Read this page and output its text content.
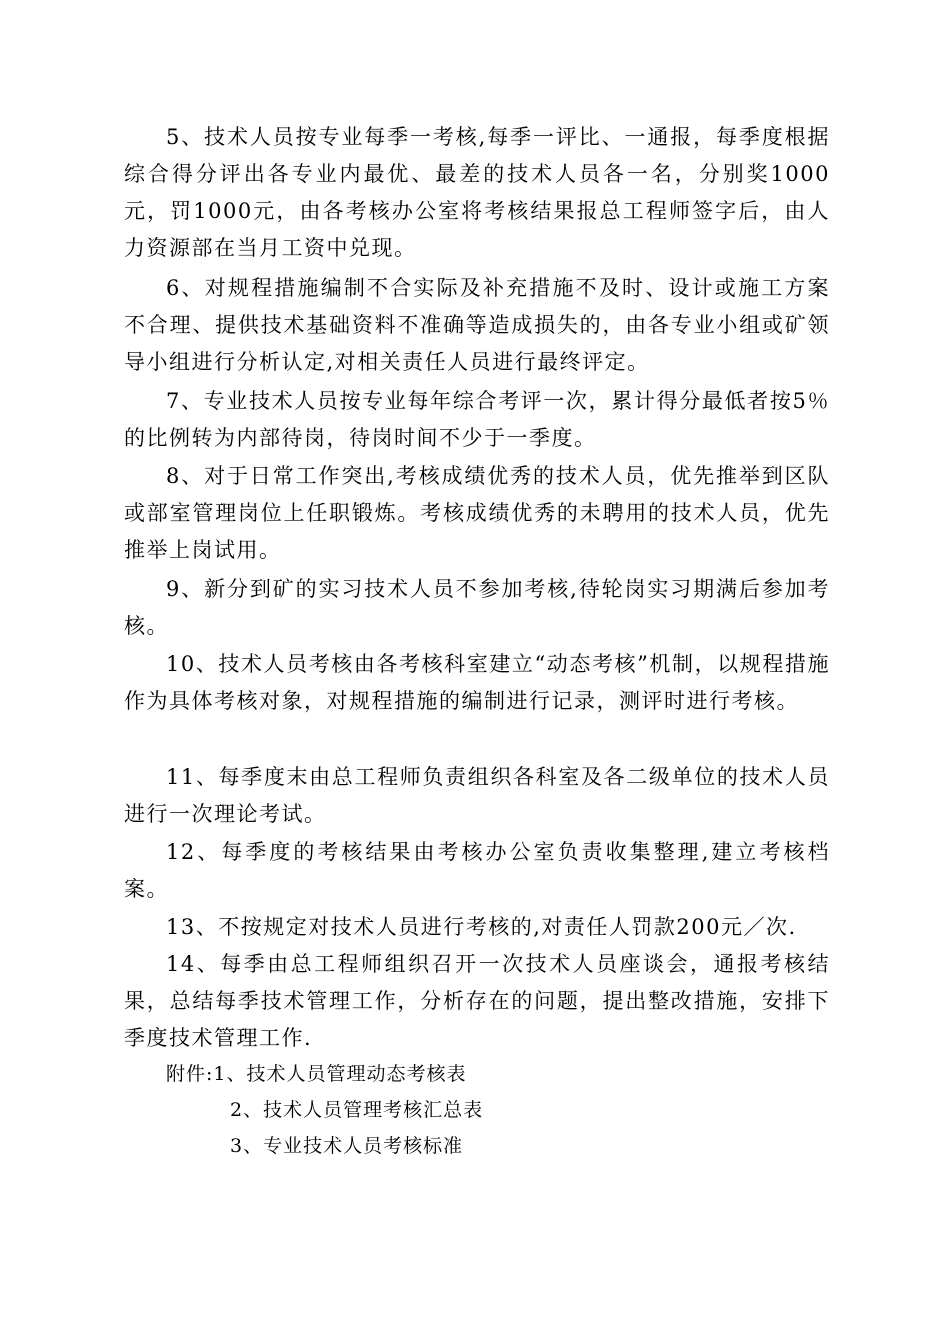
5、技术人员按专业每季一考核,每季一评比、一通报，每季度根据综合得分评出各专业内最优、最差的技术人员各一名，分别奖1000元，罚1000元，由各考核办公室将考核结果报总工程师签字后，由人力资源部在当月工资中兑现。

6、对规程措施编制不合实际及补充措施不及时、设计或施工方案不合理、提供技术基础资料不准确等造成损失的，由各专业小组或矿领导小组进行分析认定,对相关责任人员进行最终评定。

7、专业技术人员按专业每年综合考评一次，累计得分最低者按5％的比例转为内部待岗，待岗时间不少于一季度。

8、对于日常工作突出,考核成绩优秀的技术人员，优先推举到区队或部室管理岗位上任职锻炼。考核成绩优秀的未聘用的技术人员，优先推举上岗试用。

9、新分到矿的实习技术人员不参加考核,待轮岗实习期满后参加考核。

10、技术人员考核由各考核科室建立“动态考核”机制，以规程措施作为具体考核对象，对规程措施的编制进行记录，测评时进行考核。

11、每季度末由总工程师负责组织各科室及各二级单位的技术人员进行一次理论考试。

12、每季度的考核结果由考核办公室负责收集整理,建立考核档案。

13、不按规定对技术人员进行考核的,对责任人罚款200元／次.

14、每季由总工程师组织召开一次技术人员座谈会，通报考核结果，总结每季技术管理工作，分析存在的问题，提出整改措施，安排下季度技术管理工作.

附件:1、技术人员管理动态考核表
2、技术人员管理考核汇总表
3、专业技术人员考核标准
